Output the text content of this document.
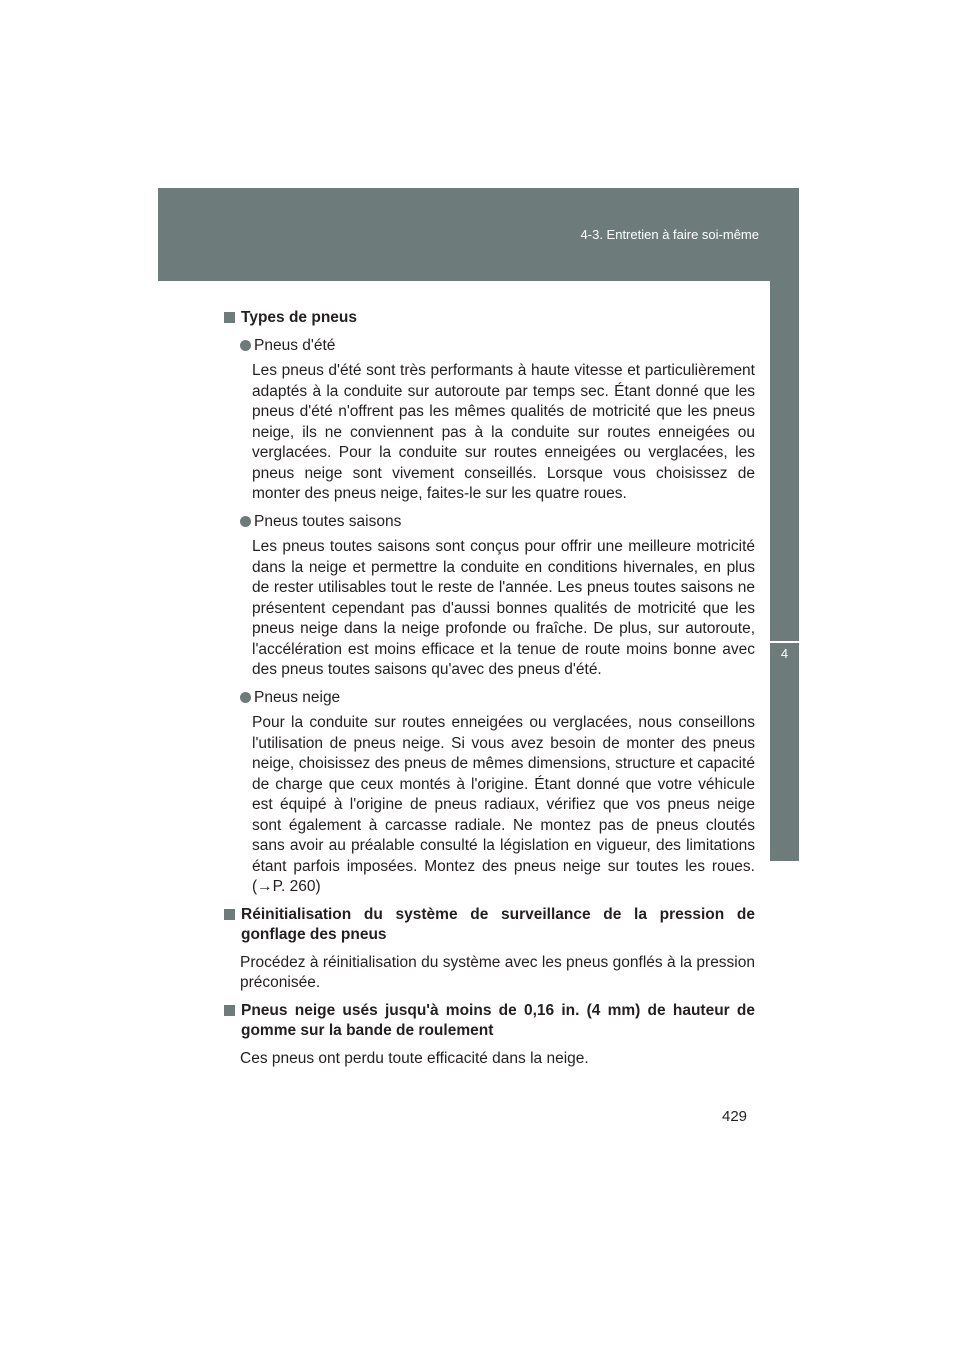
4-3. Entretien à faire soi-même
4
Entretien et soin
Types de pneus
Pneus d'été
Les pneus d'été sont très performants à haute vitesse et particulièrement adaptés à la conduite sur autoroute par temps sec. Étant donné que les pneus d'été n'offrent pas les mêmes qualités de motricité que les pneus neige, ils ne conviennent pas à la conduite sur routes enneigées ou verglacées. Pour la conduite sur routes enneigées ou verglacées, les pneus neige sont vivement conseillés. Lorsque vous choisissez de monter des pneus neige, faites-le sur les quatre roues.
Pneus toutes saisons
Les pneus toutes saisons sont conçus pour offrir une meilleure motricité dans la neige et permettre la conduite en conditions hivernales, en plus de rester utilisables tout le reste de l'année. Les pneus toutes saisons ne présentent cependant pas d'aussi bonnes qualités de motricité que les pneus neige dans la neige profonde ou fraîche. De plus, sur autoroute, l'accélération est moins efficace et la tenue de route moins bonne avec des pneus toutes saisons qu'avec des pneus d'été.
Pneus neige
Pour la conduite sur routes enneigées ou verglacées, nous conseillons l'utilisation de pneus neige. Si vous avez besoin de monter des pneus neige, choisissez des pneus de mêmes dimensions, structure et capacité de charge que ceux montés à l'origine. Étant donné que votre véhicule est équipé à l'origine de pneus radiaux, vérifiez que vos pneus neige sont également à carcasse radiale. Ne montez pas de pneus cloutés sans avoir au préalable consulté la législation en vigueur, des limitations étant parfois imposées. Montez des pneus neige sur toutes les roues. (→P. 260)
Réinitialisation du système de surveillance de la pression de gonflage des pneus
Procédez à réinitialisation du système avec les pneus gonflés à la pression préconisée.
Pneus neige usés jusqu'à moins de 0,16 in. (4 mm) de hauteur de gomme sur la bande de roulement
Ces pneus ont perdu toute efficacité dans la neige.
429
